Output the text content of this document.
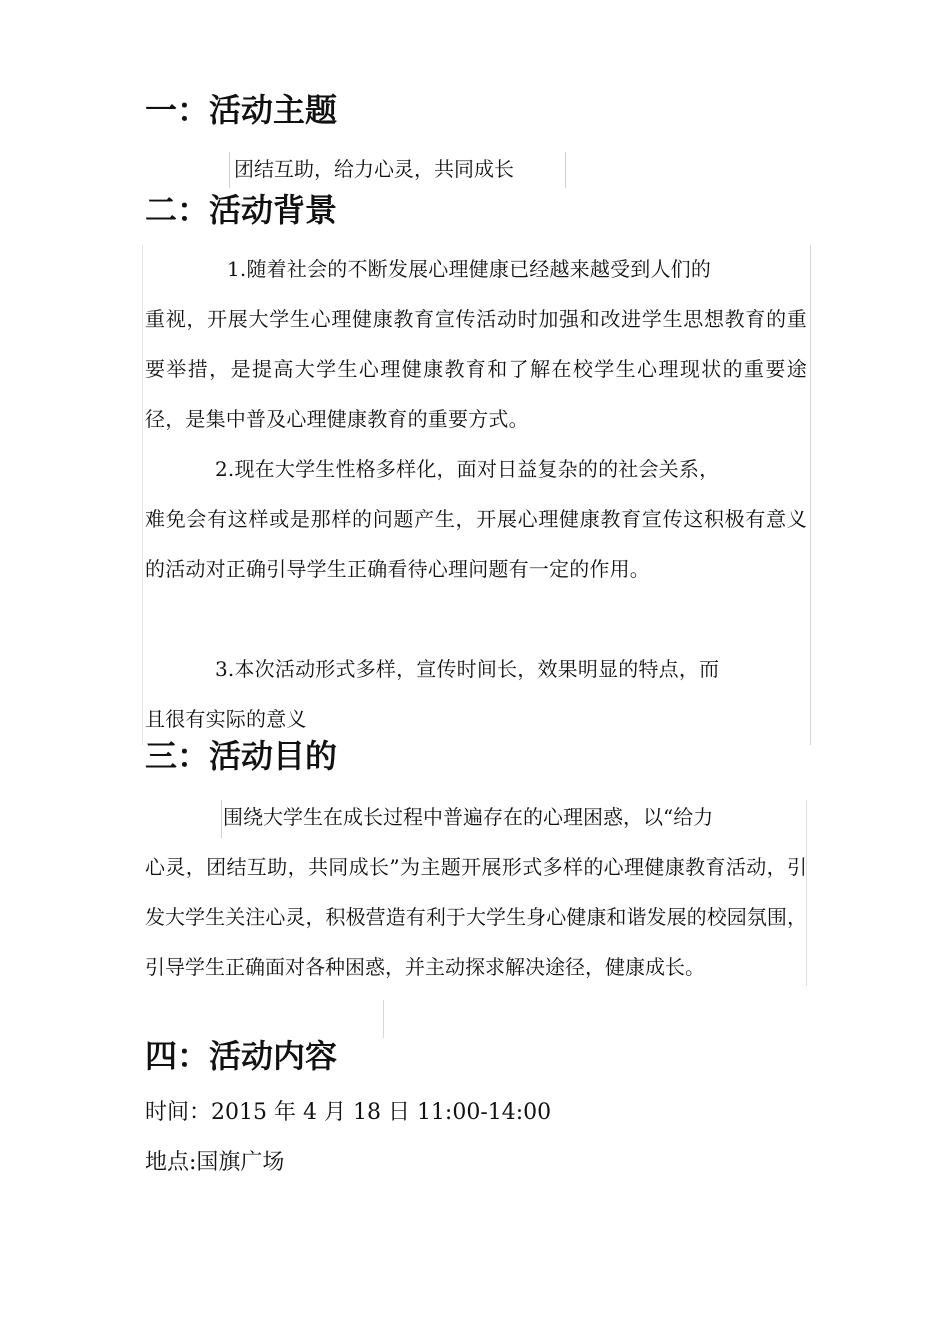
一：活动主题
团结互助，给力心灵，共同成长
二：活动背景

1.随着社会的不断发展心理健康已经越来越受到人们的
重视，开展大学生心理健康教育宣传活动时加强和改进学生思想教育的重要举措，是提高大学生心理健康教育和了解在校学生心理现状的重要途径，是集中普及心理健康教育的重要方式。

2.现在大学生性格多样化，面对日益复杂的的社会关系，
难免会有这样或是那样的问题产生，开展心理健康教育宣传这积极有意义的活动对正确引导学生正确看待心理问题有一定的作用。

3.本次活动形式多样，宣传时间长，效果明显的特点，而
且很有实际的意义

三：活动目的

围绕大学生在成长过程中普遍存在的心理困惑，以“给力
心灵，团结互助，共同成长”为主题开展形式多样的心理健康教育活动，引发大学生关注心灵，积极营造有利于大学生身心健康和谐发展的校园氛围，引导学生正确面对各种困惑，并主动探求解决途径，健康成长。

四：活动内容

时间：2015 年 4 月 18 日 11:00-14:00

地点:国旗广场
